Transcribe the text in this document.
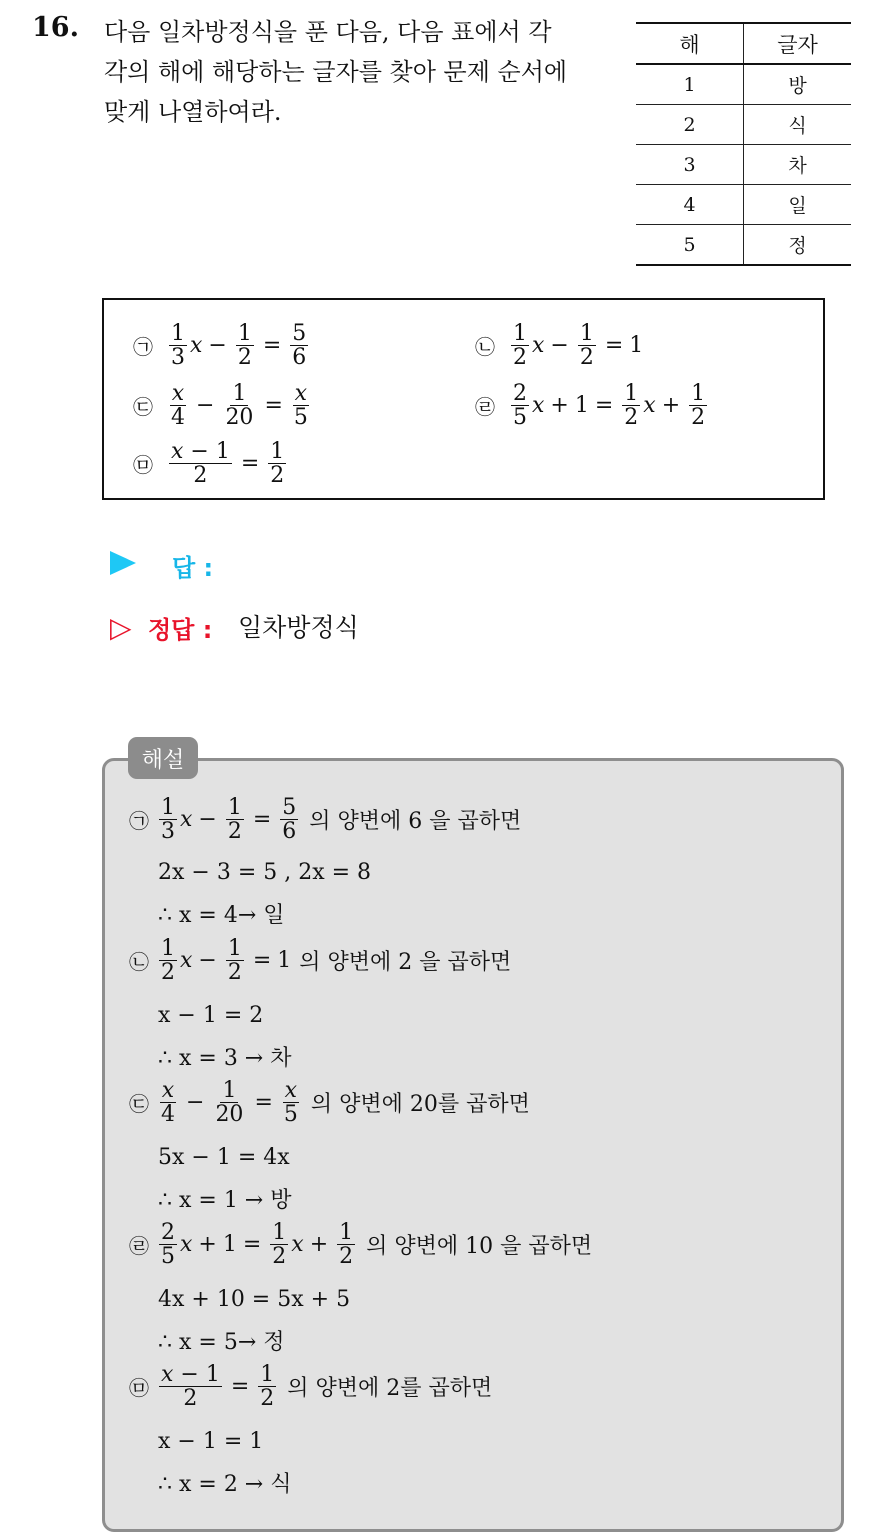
16. 다음 일차방정식을 푼 다음, 다음 표에서 각
각의 해에 해당하는 글자를 찾아 문제 순서에
맞게 나열하여라.
해	글자
1	방
2	식
3	차
4	일
5	정
㉠ $\frac{1}{3}$ $x - \frac{1}{2} = \frac{5}{6}$	㉡ $\frac{1}{2}$ $x - \frac{1}{2} = 1$
㉢ $\frac{x}{4} - \frac{1}{20} = \frac{x}{5}$	㉣ $\frac{2}{5}$ $x + 1 = \frac{1}{2}$ $x + \frac{1}{2}$
㉤ $\frac{x - 1}{2} = \frac{1}{2}$
답 :
▷ 정답 : 일차방정식
해설
㉠ $\frac{1}{3}$ $x - \frac{1}{2} = \frac{5}{6}$ 의 양변에 6 을 곱하면
2x − 3 = 5 , 2x = 8
∴ x = 4→ 일
㉡ $\frac{1}{2}$ $x - \frac{1}{2} = 1$ 의 양변에 2 을 곱하면
x − 1 = 2
∴ x = 3 → 차
㉢ $\frac{x}{4} - \frac{1}{20} = \frac{x}{5}$ 의 양변에 20를 곱하면
5x − 1 = 4x
∴ x = 1 → 방
㉣ $\frac{2}{5}$ $x + 1 = \frac{1}{2}$ $x + \frac{1}{2}$ 의 양변에 10 을 곱하면
4x + 10 = 5x + 5
∴ x = 5→ 정
㉤ $\frac{x - 1}{2} = \frac{1}{2}$ 의 양변에 2를 곱하면
x − 1 = 1
∴ x = 2 → 식
